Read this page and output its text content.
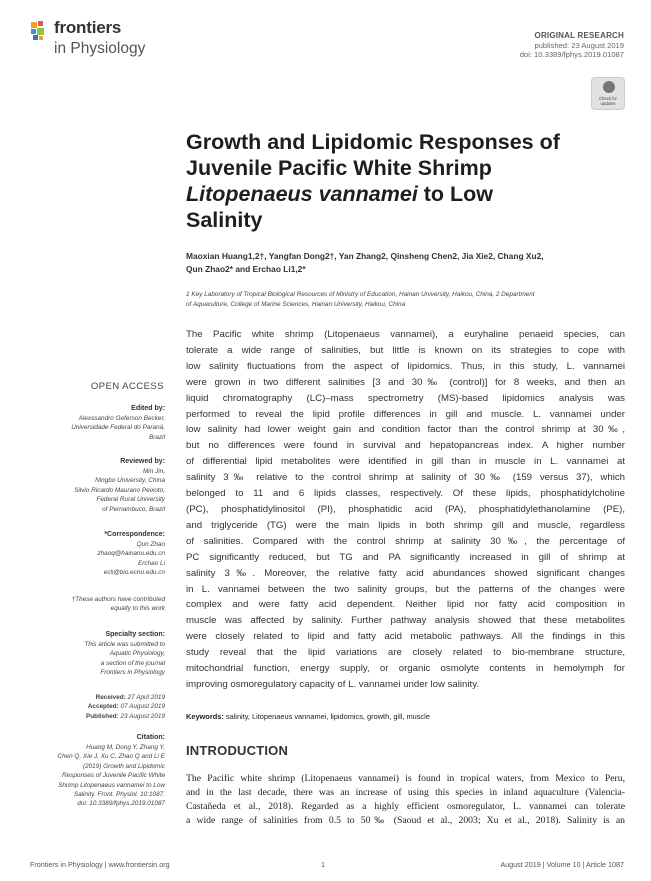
frontiers
in Physiology
ORIGINAL RESEARCH
published: 23 August 2019
doi: 10.3389/fphys.2019.01087
Check for
updates
Growth and Lipidomic Responses of
Juvenile Pacific White Shrimp
Litopenaeus vannamei to Low
Salinity
Maoxian Huang1,2†, Yangfan Dong2†, Yan Zhang2, Qinsheng Chen2, Jia Xie2, Chang Xu2,
Qun Zhao2* and Erchao Li1,2*
1 Key Laboratory of Tropical Biological Resources of Ministry of Education, Hainan University, Haikou, China, 2 Department
of Aquaculture, College of Marine Sciences, Hainan University, Haikou, China
The Pacific white shrimp (Litopenaeus vannamei), a euryhaline penaeid species, can
tolerate a wide range of salinities, but little is known on its strategies to cope with
low salinity fluctuations from the aspect of lipidomics. Thus, in this study, L. vannamei
were grown in two different salinities [3 and 30‰ (control)] for 8 weeks, and then an
liquid chromatography (LC)–mass spectrometry (MS)-based lipidomics analysis was
performed to reveal the lipid profile differences in gill and muscle. L. vannamei under
low salinity had lower weight gain and condition factor than the control shrimp at 30‰,
but no differences were found in survival and hepatopancreas index. A higher number
of differential lipid metabolites were identified in gill than in muscle in L. vannamei at
salinity 3‰ relative to the control shrimp at salinity of 30‰ (159 versus 37), which
belonged to 11 and 6 lipids classes, respectively. Of these lipids, phosphatidylcholine
(PC), phosphatidylinositol (PI), phosphatidic acid (PA), phosphatidylethanolamine (PE),
and triglyceride (TG) were the main lipids in both shrimp gill and muscle, regardless
of salinities. Compared with the control shrimp at salinity 30‰, the percentage of
PC significantly reduced, but TG and PA significantly increased in gill of shrimp at
salinity 3‰. Moreover, the relative fatty acid abundances showed significant changes
in L. vannamei between the two salinity groups, but the patterns of the changes were
complex and were fatty acid dependent. Neither lipid nor fatty acid composition in
muscle was affected by salinity. Further pathway analysis showed that these metabolites
were closely related to lipid and fatty acid metabolic pathways. All the findings in this
study reveal that the lipid variations are closely related to bio-membrane structure,
mitochondrial function, energy supply, or organic osmolyte contents in hemolymph for
improving osmoregulatory capacity of L. vannamei under low salinity.
Keywords: salinity, Litopenaeus vannamei, lipidomics, growth, gill, muscle
INTRODUCTION
The Pacific white shrimp (Litopenaeus vannamei) is found in tropical waters, from Mexico to Peru,
and in the last decade, there was an increase of using this species in inland aquaculture (Valencia-
Castañeda et al., 2018). Regarded as a highly efficient osmoregulator, L. vannamei can tolerate
a wide range of salinities from 0.5 to 50‰ (Saoud et al., 2003; Xu et al., 2018). Salinity is an
OPEN ACCESS
Edited by:
Alexssandro Geferson Becker,
Universidade Federal do Paraná,
Brazil
Reviewed by:
Min Jin,
Ningbo University, China
Silvio Ricardo Maurano Peixoto,
Federal Rural University
of Pernambuco, Brazil
*Correspondence:
Qun Zhao
zhaoq@hainanu.edu.cn
Erchao Li
ecli@bio.ecnu.edu.cn
†These authors have contributed
equally to this work
Specialty section:
This article was submitted to
Aquatic Physiology,
a section of the journal
Frontiers in Physiology
Received: 27 April 2019
Accepted: 07 August 2019
Published: 23 August 2019
Citation:
Huang M, Dong Y, Zhang Y,
Chen Q, Xie J, Xu C, Zhao Q and Li E
(2019) Growth and Lipidomic
Responses of Juvenile Pacific White
Shrimp Litopenaeus vannamei to Low
Salinity. Front. Physiol. 10:1087.
doi: 10.3389/fphys.2019.01087
Frontiers in Physiology | www.frontiersin.org	1	August 2019 | Volume 10 | Article 1087
